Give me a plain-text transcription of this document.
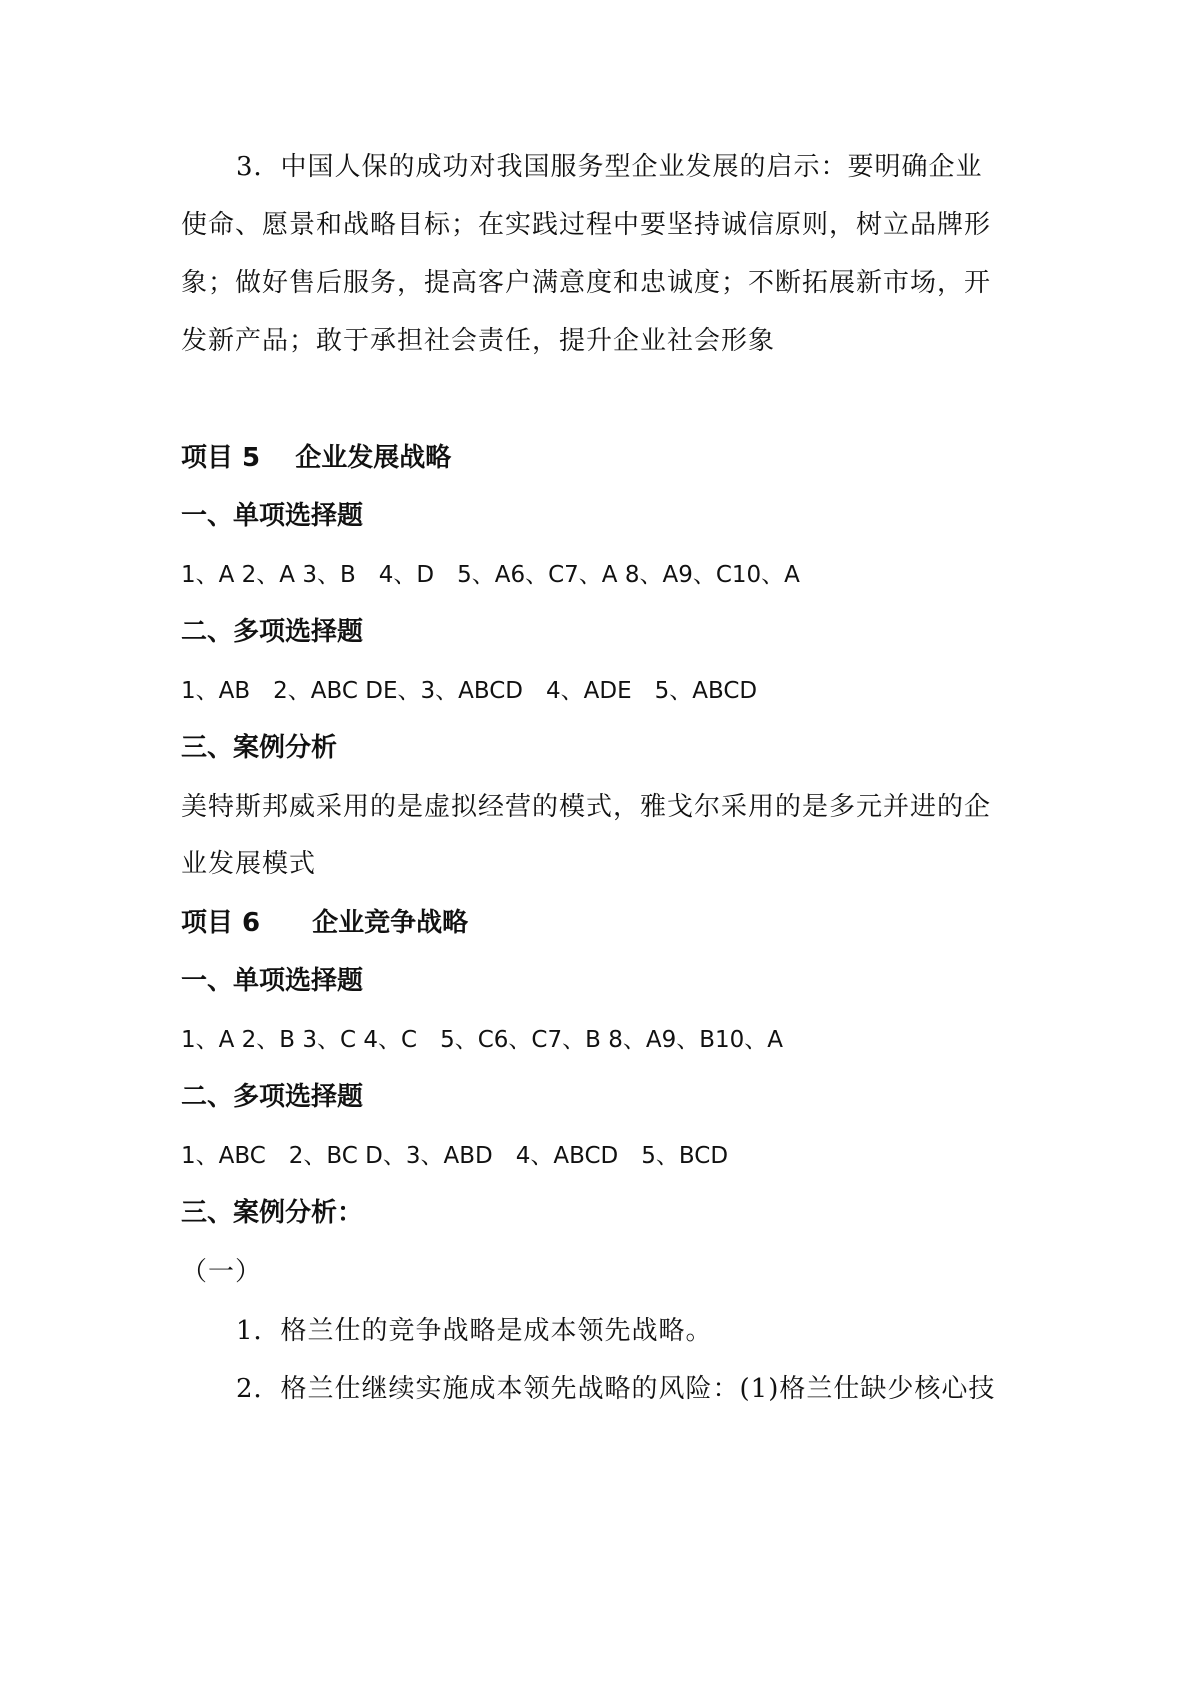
3．中国人保的成功对我国服务型企业发展的启示：要明确企业
使命、愿景和战略目标；在实践过程中要坚持诚信原则，树立品牌形
象；做好售后服务，提高客户满意度和忠诚度；不断拓展新市场，开
发新产品；敢于承担社会责任，提升企业社会形象
项目 5　 企业发展战略
一、单项选择题
1、A 2、A 3、B　4、D　5、A6、C7、A 8、A9、C10、A
二、多项选择题
1、AB　2、ABC DE、3、ABCD　4、ADE　5、ABCD
三、案例分析
美特斯邦威采用的是虚拟经营的模式，雅戈尔采用的是多元并进的企
业发展模式
项目 6　　企业竞争战略
一、单项选择题
1、A 2、B 3、C 4、C　5、C6、C7、B 8、A9、B10、A
二、多项选择题
1、ABC　2、BC D、3、ABD　4、ABCD　5、BCD
三、案例分析：
（一）
1．格兰仕的竞争战略是成本领先战略。
2．格兰仕继续实施成本领先战略的风险：(1)格兰仕缺少核心技
